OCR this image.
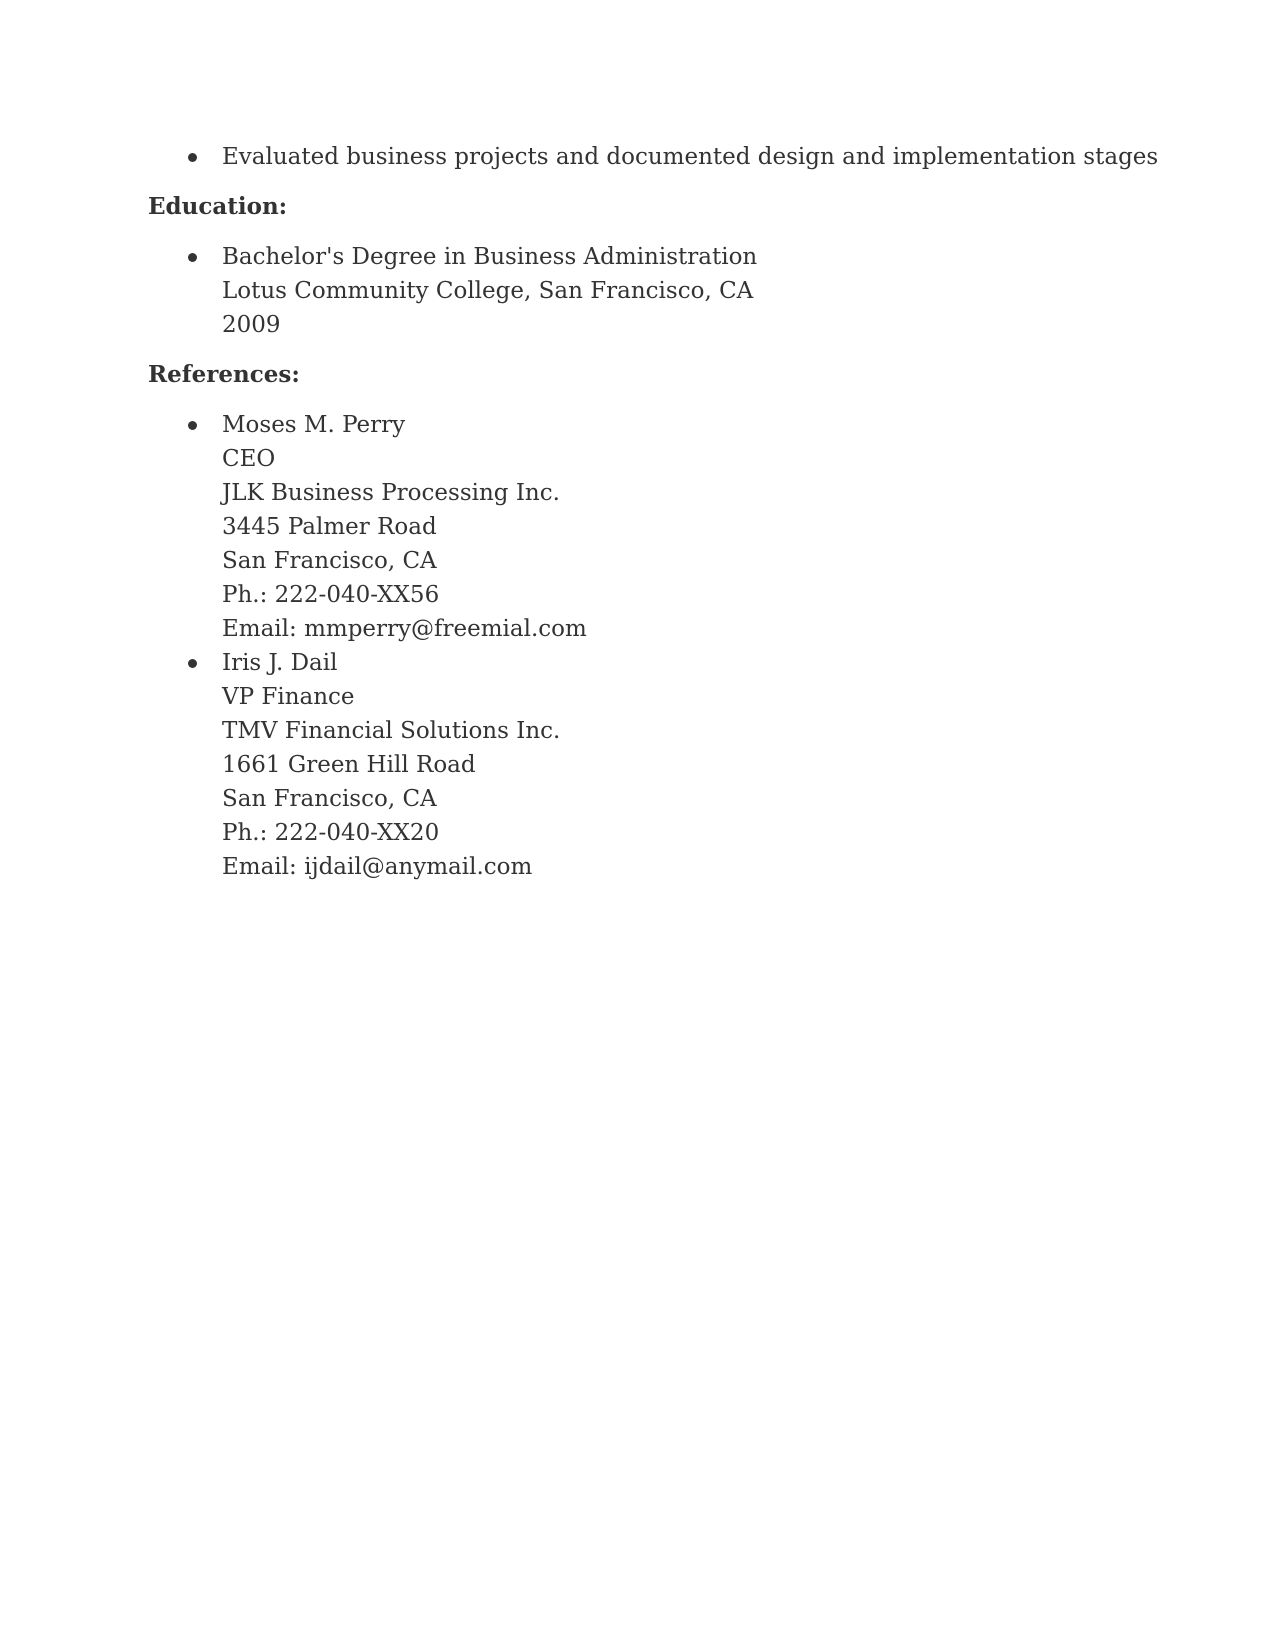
Evaluated business projects and documented design and implementation stages
Education:
Bachelor's Degree in Business Administration
Lotus Community College, San Francisco, CA
2009
References:
Moses M. Perry
CEO
JLK Business Processing Inc.
3445 Palmer Road
San Francisco, CA
Ph.: 222-040-XX56
Email: mmperry@freemial.com
Iris J. Dail
VP Finance
TMV Financial Solutions Inc.
1661 Green Hill Road
San Francisco, CA
Ph.: 222-040-XX20
Email: ijdail@anymail.com
